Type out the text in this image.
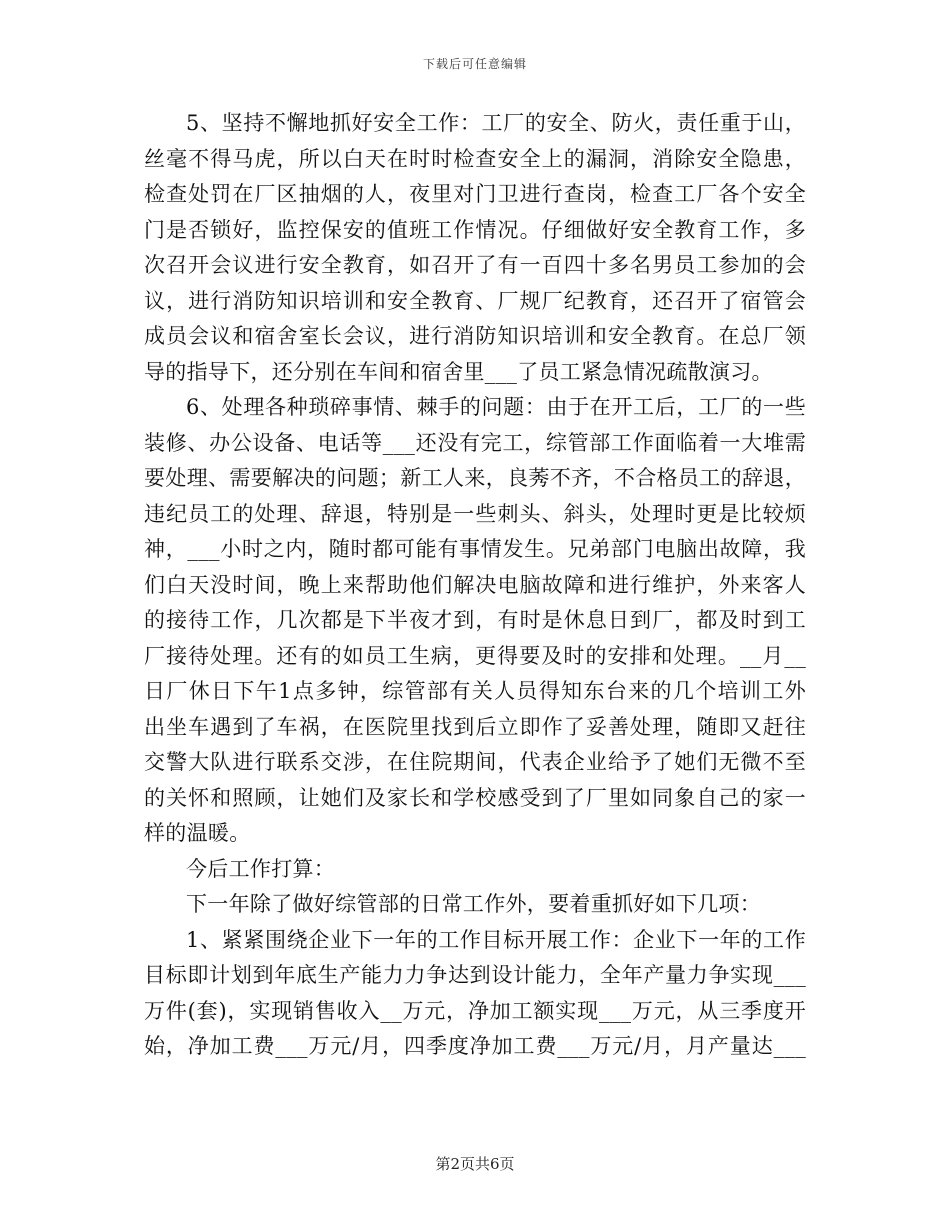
下载后可任意编辑
5、坚持不懈地抓好安全工作：工厂的安全、防火，责任重于山，
丝毫不得马虎，所以白天在时时检查安全上的漏洞，消除安全隐患，
检查处罚在厂区抽烟的人，夜里对门卫进行查岗，检查工厂各个安全
门是否锁好，监控保安的值班工作情况。仔细做好安全教育工作，多
次召开会议进行安全教育，如召开了有一百四十多名男员工参加的会
议，进行消防知识培训和安全教育、厂规厂纪教育，还召开了宿管会
成员会议和宿舍室长会议，进行消防知识培训和安全教育。在总厂领
导的指导下，还分别在车间和宿舍里___了员工紧急情况疏散演习。
6、处理各种琐碎事情、棘手的问题：由于在开工后，工厂的一些
装修、办公设备、电话等___还没有完工，综管部工作面临着一大堆需
要处理、需要解决的问题；新工人来，良莠不齐，不合格员工的辞退，
违纪员工的处理、辞退，特别是一些刺头、斜头，处理时更是比较烦
神，___小时之内，随时都可能有事情发生。兄弟部门电脑出故障，我
们白天没时间，晚上来帮助他们解决电脑故障和进行维护，外来客人
的接待工作，几次都是下半夜才到，有时是休息日到厂，都及时到工
厂接待处理。还有的如员工生病，更得要及时的安排和处理。__月__
日厂休日下午1点多钟，综管部有关人员得知东台来的几个培训工外
出坐车遇到了车祸，在医院里找到后立即作了妥善处理，随即又赶往
交警大队进行联系交涉，在住院期间，代表企业给予了她们无微不至
的关怀和照顾，让她们及家长和学校感受到了厂里如同象自己的家一
样的温暖。
今后工作打算：
下一年除了做好综管部的日常工作外，要着重抓好如下几项：
1、紧紧围绕企业下一年的工作目标开展工作：企业下一年的工作
目标即计划到年底生产能力力争达到设计能力，全年产量力争实现___
万件(套)，实现销售收入__万元，净加工额实现___万元，从三季度开
始，净加工费___万元/月，四季度净加工费___万元/月，月产量达___
第2页共6页
